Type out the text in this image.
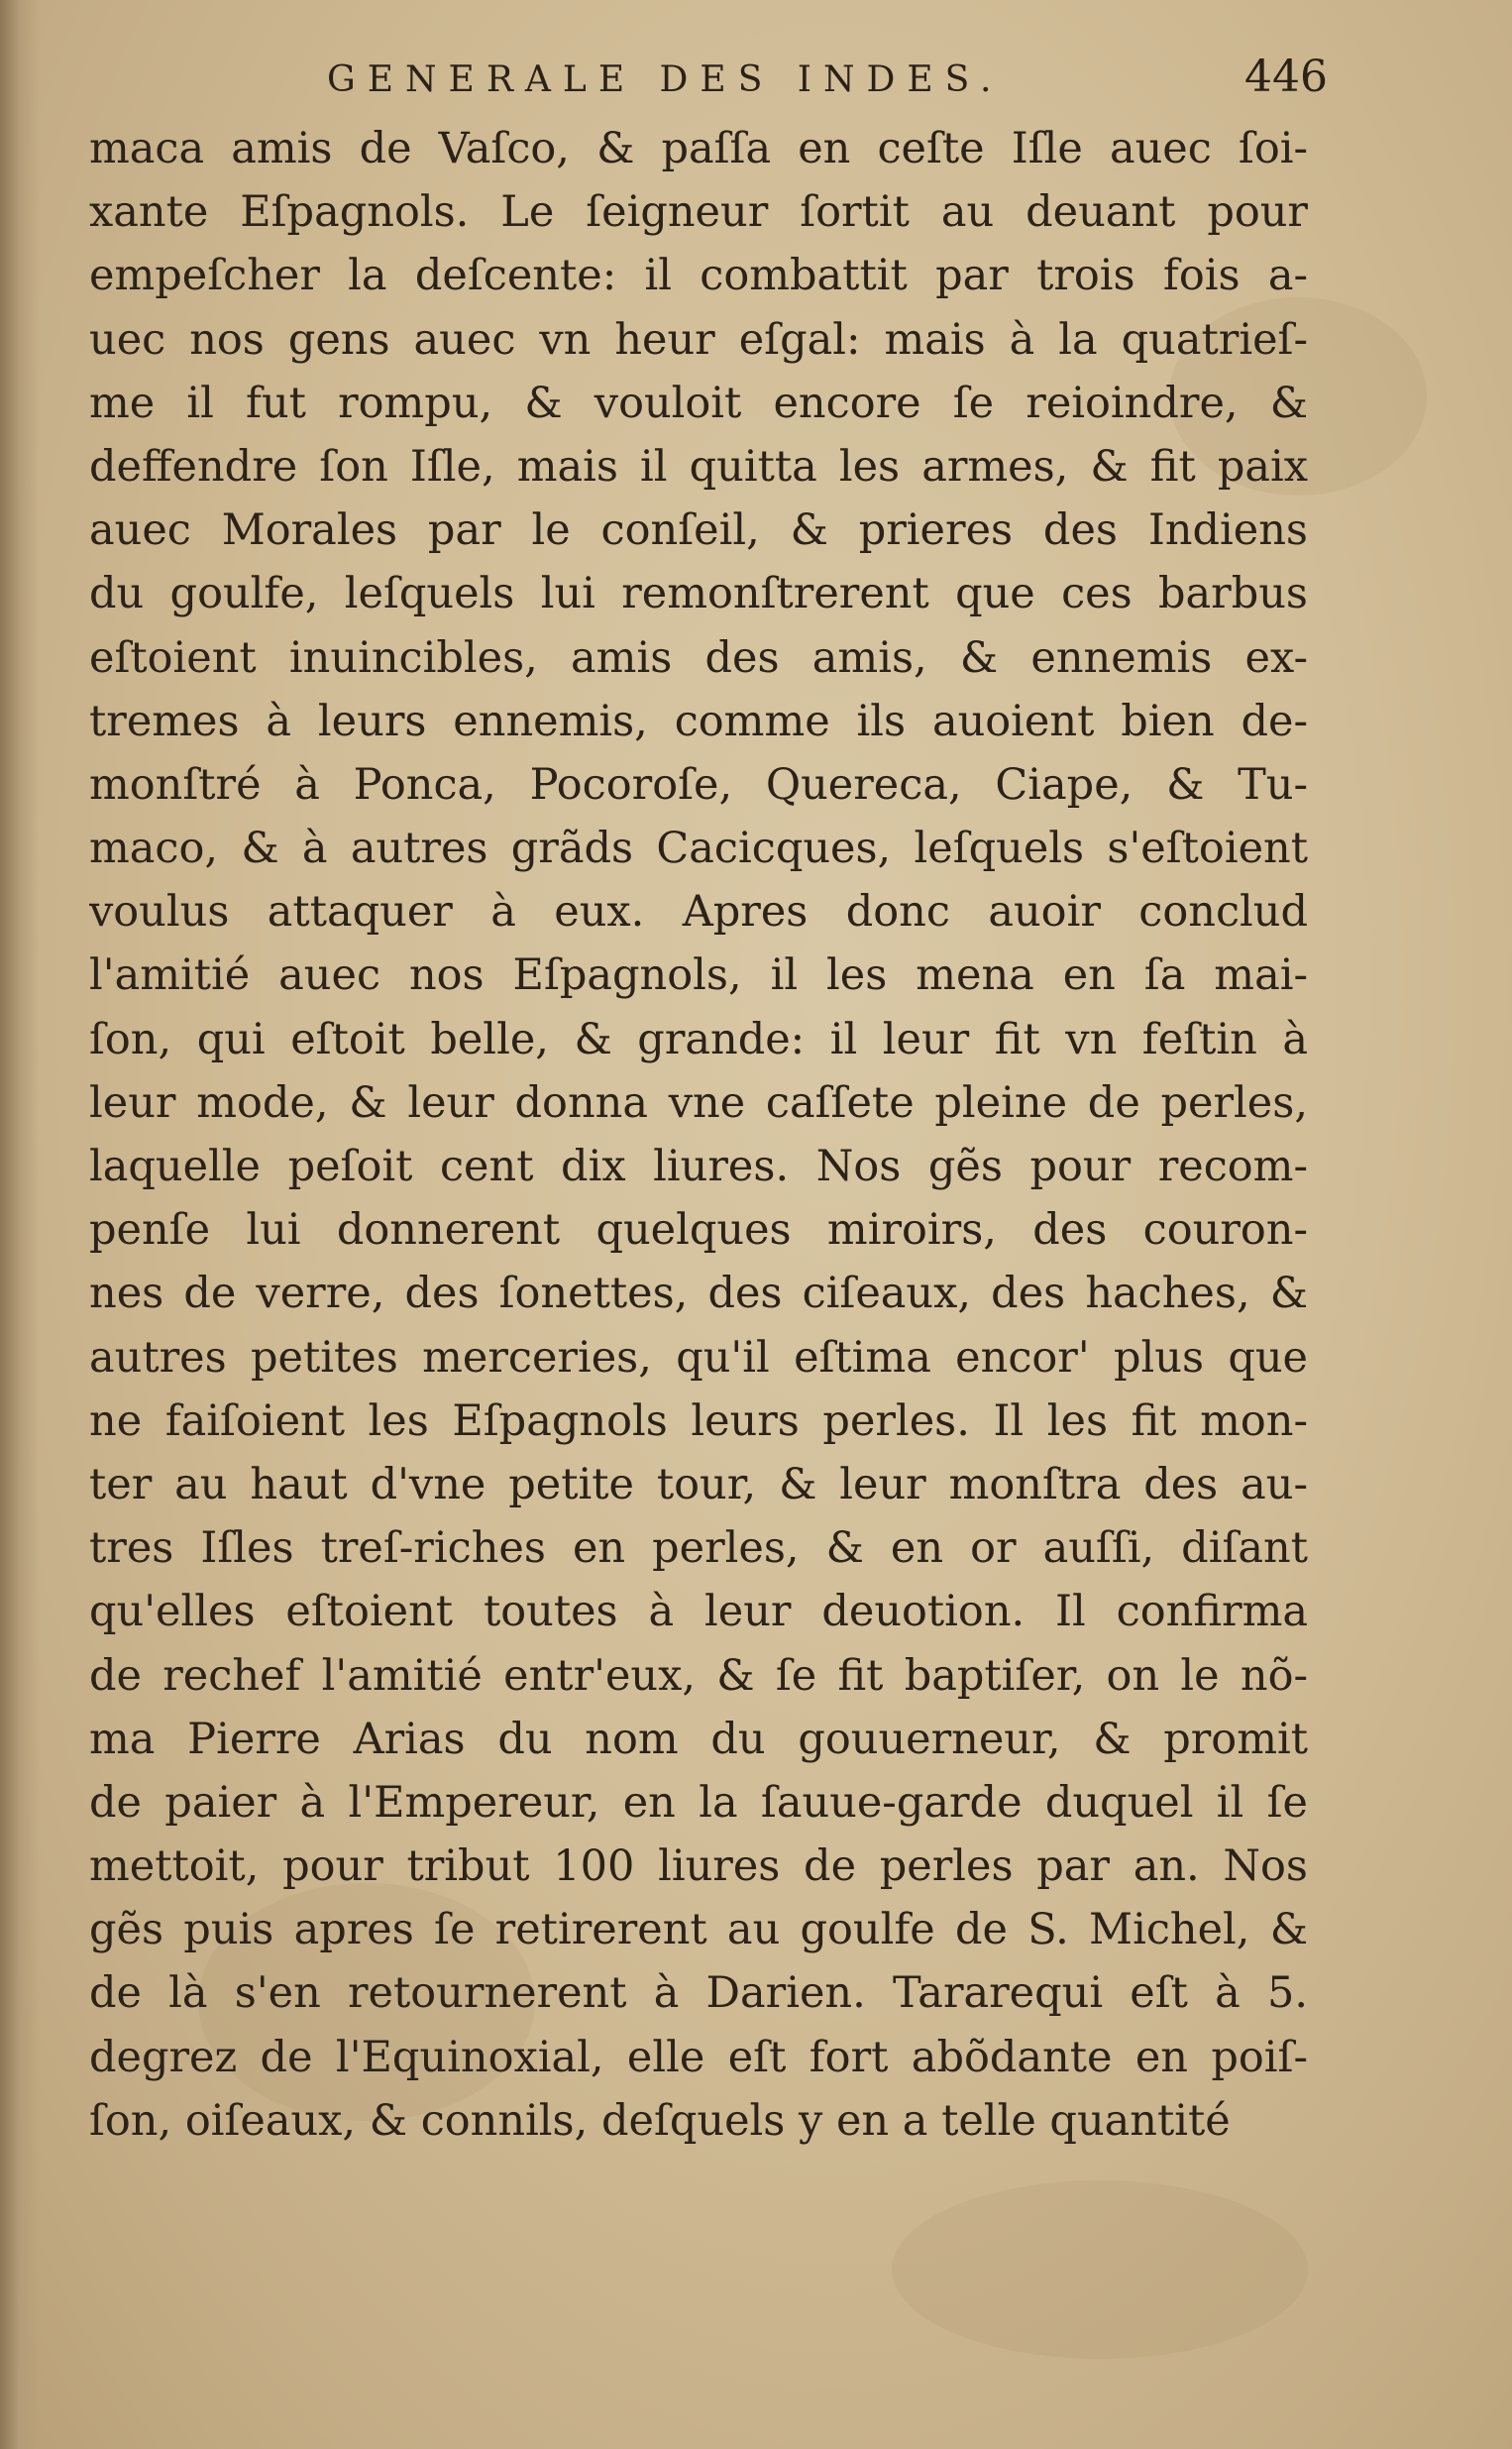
GENERALE DES INDES.	446
maca amis de Vaſco, & paſſa en ceſte Iſle auec ſoi-
xante Eſpagnols. Le ſeigneur ſortit au deuant pour
empeſcher la deſcente: il combattit par trois fois a-
uec nos gens auec vn heur eſgal: mais à la quatrieſ-
me il fut rompu, & vouloit encore ſe reioindre, &
deffendre ſon Iſle, mais il quitta les armes, & fit paix
auec Morales par le conſeil, & prieres des Indiens
du goulfe, leſquels lui remonſtrerent que ces barbus
eſtoient inuincibles, amis des amis, & ennemis ex-
tremes à leurs ennemis, comme ils auoient bien de-
monſtré à Ponca, Pocoroſe, Quereca, Ciape, & Tu-
maco, & à autres grãds Cacicques, leſquels s'eſtoient
voulus attaquer à eux. Apres donc auoir conclud
l'amitié auec nos Eſpagnols, il les mena en ſa mai-
ſon, qui eſtoit belle, & grande: il leur fit vn feſtin à
leur mode, & leur donna vne caſſete pleine de perles,
laquelle peſoit cent dix liures. Nos gẽs pour recom-
penſe lui donnerent quelques miroirs, des couron-
nes de verre, des ſonettes, des ciſeaux, des haches, &
autres petites merceries, qu'il eſtima encor' plus que
ne faiſoient les Eſpagnols leurs perles. Il les fit mon-
ter au haut d'vne petite tour, & leur monſtra des au-
tres Iſles treſ-riches en perles, & en or auſſi, diſant
qu'elles eſtoient toutes à leur deuotion. Il confirma
de rechef l'amitié entr'eux, & ſe fit baptiſer, on le nõ-
ma Pierre Arias du nom du gouuerneur, & promit
de paier à l'Empereur, en la ſauue-garde duquel il ſe
mettoit, pour tribut 100 liures de perles par an. Nos
gẽs puis apres ſe retirerent au goulfe de S. Michel, &
de là s'en retournerent à Darien. Tararequi eſt à 5.
degrez de l'Equinoxial, elle eſt fort abõdante en poiſ-
ſon, oiſeaux, & connils, deſquels y en a telle quantité
